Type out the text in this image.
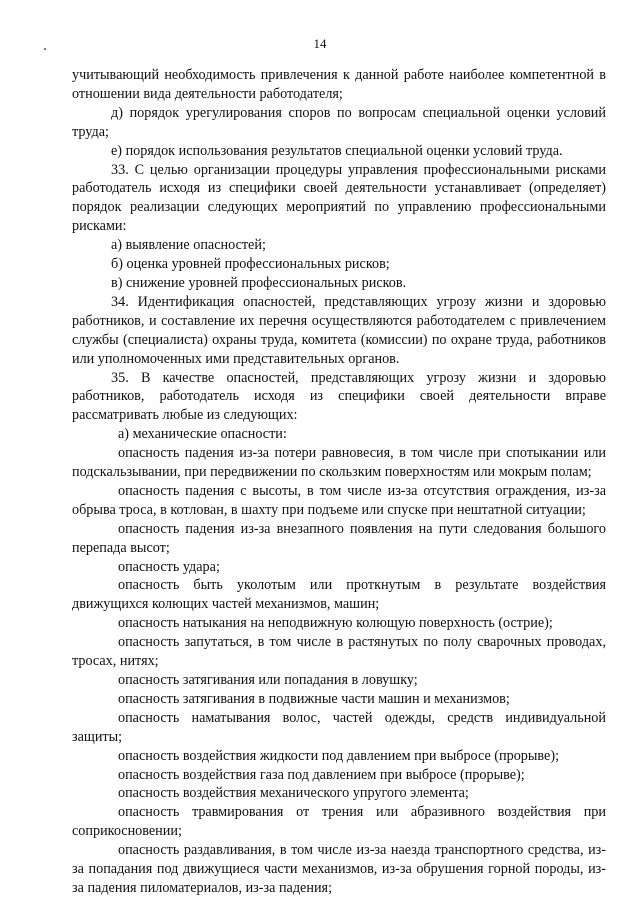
14

учитывающий необходимость привлечения к данной работе наиболее компетентной в отношении вида деятельности работодателя;

д) порядок урегулирования споров по вопросам специальной оценки условий труда;

е) порядок использования результатов специальной оценки условий труда.

33. С целью организации процедуры управления профессиональными рисками работодатель исходя из специфики своей деятельности устанавливает (определяет) порядок реализации следующих мероприятий по управлению профессиональными рисками:

а) выявление опасностей;

б) оценка уровней профессиональных рисков;

в) снижение уровней профессиональных рисков.

34. Идентификация опасностей, представляющих угрозу жизни и здоровью работников, и составление их перечня осуществляются работодателем с привлечением службы (специалиста) охраны труда, комитета (комиссии) по охране труда, работников или уполномоченных ими представительных органов.

35. В качестве опасностей, представляющих угрозу жизни и здоровью работников, работодатель исходя из специфики своей деятельности вправе рассматривать любые из следующих:

а) механические опасности:

опасность падения из-за потери равновесия, в том числе при спотыкании или подскальзывании, при передвижении по скользким поверхностям или мокрым полам;

опасность падения с высоты, в том числе из-за отсутствия ограждения, из-за обрыва троса, в котлован, в шахту при подъеме или спуске при нештатной ситуации;

опасность падения из-за внезапного появления на пути следования большого перепада высот;

опасность удара;

опасность быть уколотым или проткнутым в результате воздействия движущихся колющих частей механизмов, машин;

опасность натыкания на неподвижную колющую поверхность (острие);

опасность запутаться, в том числе в растянутых по полу сварочных проводах, тросах, нитях;

опасность затягивания или попадания в ловушку;

опасность затягивания в подвижные части машин и механизмов;

опасность наматывания волос, частей одежды, средств индивидуальной защиты;

опасность воздействия жидкости под давлением при выбросе (прорыве);

опасность воздействия газа под давлением при выбросе (прорыве);

опасность воздействия механического упругого элемента;

опасность травмирования от трения или абразивного воздействия при соприкосновении;

опасность раздавливания, в том числе из-за наезда транспортного средства, из-за попадания под движущиеся части механизмов, из-за обрушения горной породы, из-за падения пиломатериалов, из-за падения;
